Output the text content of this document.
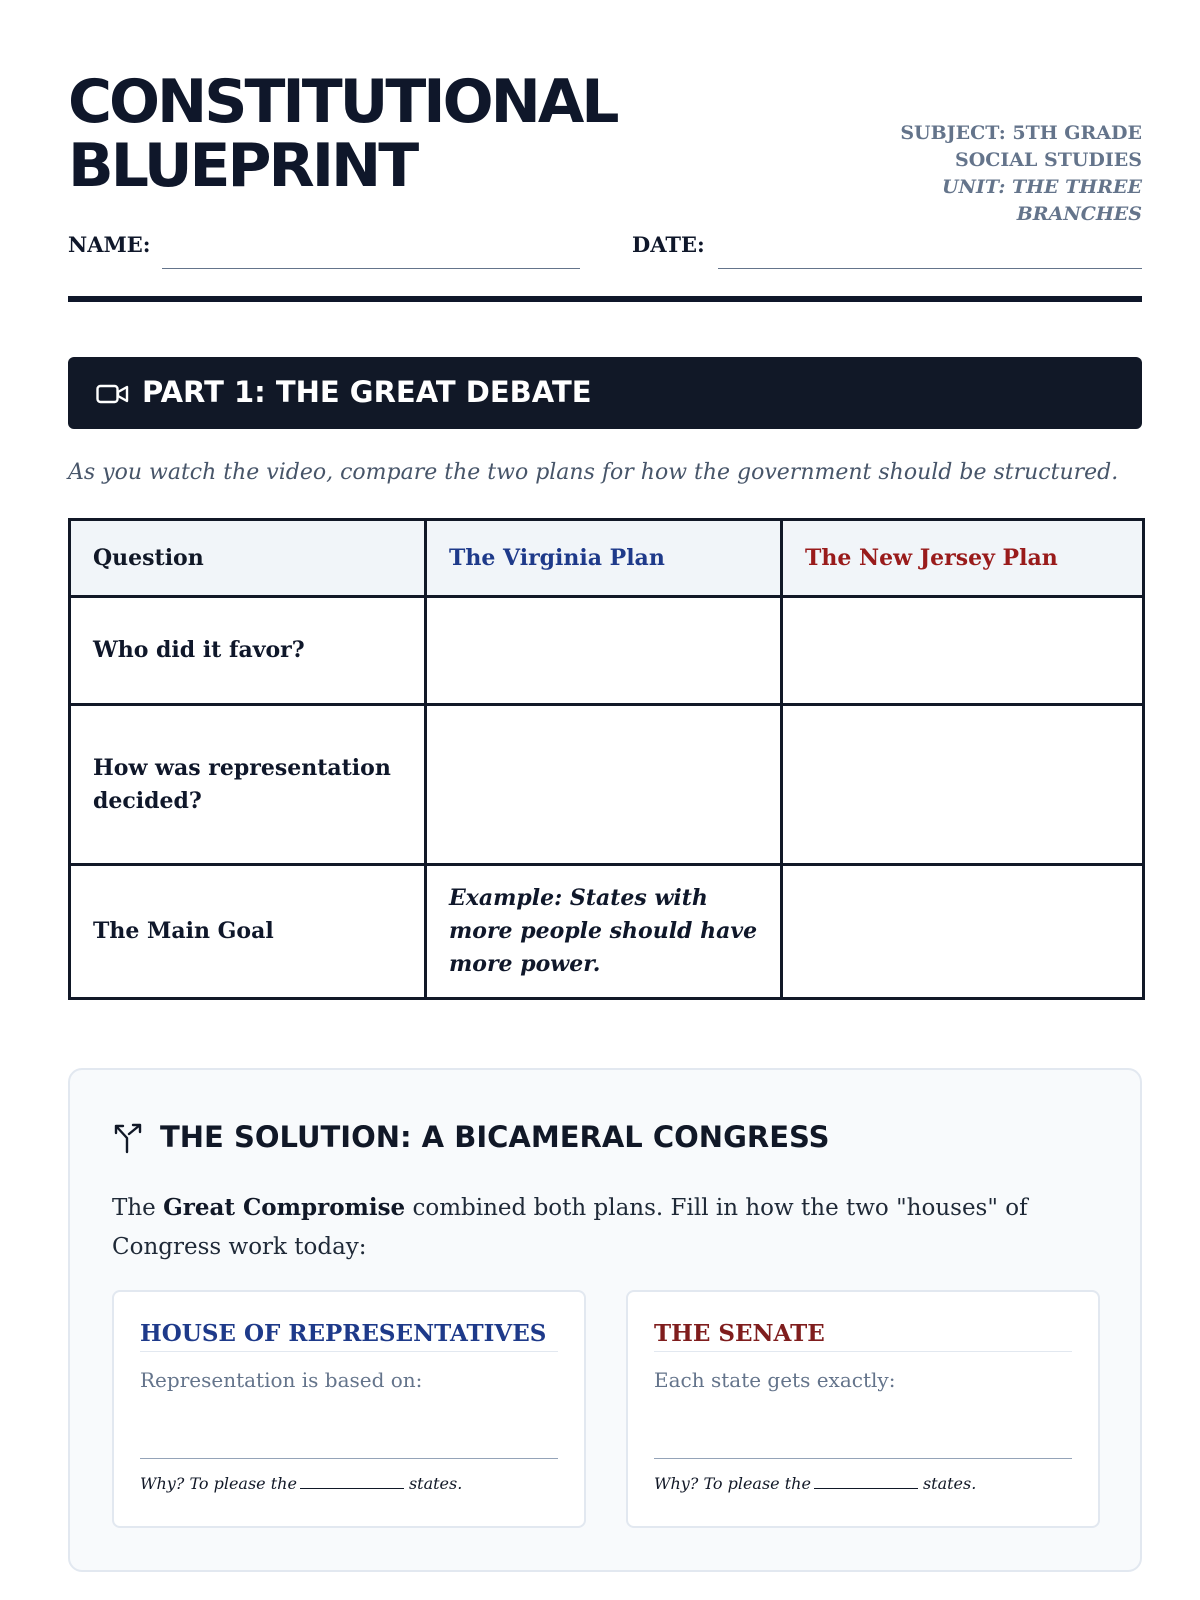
CONSTITUTIONAL
BLUEPRINT	SUBJECT: 5TH GRADE SOCIAL STUDIES
UNIT: THE THREE BRANCHES
NAME:	DATE:
PART 1: THE GREAT DEBATE
As you watch the video, compare the two plans for how the government should be structured.
Question	The Virginia Plan	The New Jersey Plan
Who did it favor?		
How was representation decided?		
The Main Goal	Example: States with more people should have more power.	
THE SOLUTION: A BICAMERAL CONGRESS
The Great Compromise combined both plans. Fill in how the two "houses" of Congress work today:
HOUSE OF REPRESENTATIVES
Representation is based on:
Why? To please the	states.
THE SENATE
Each state gets exactly:
Why? To please the	states.
